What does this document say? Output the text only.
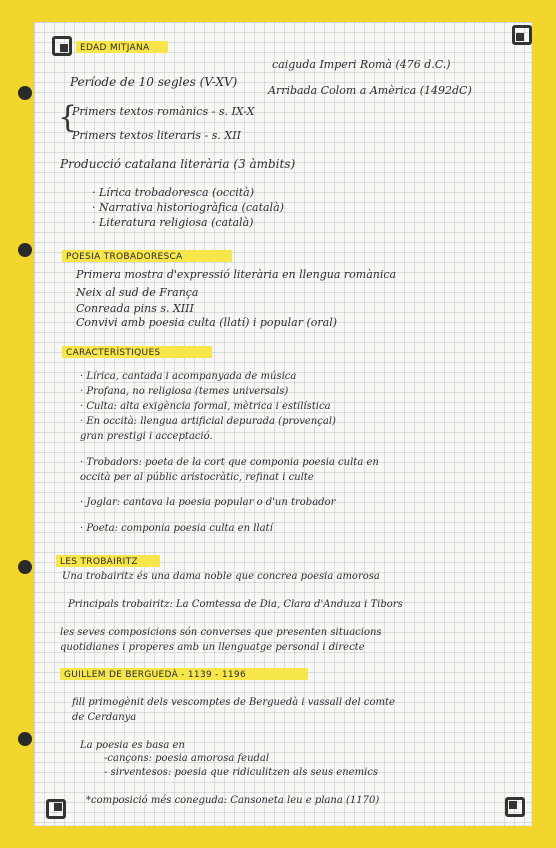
EDAD MITJANA
Període de 10 segles (V-XV)
caiguda Imperi Romà (476 d.C.)
Arribada Colom a Amèrica (1492dC)
{
Primers textos romànics - s. IX-X
Primers textos literaris - s. XII
Producció catalana literària (3 àmbits)
· Lírica trobadoresca (occità)
· Narrativa historiogràfica (català)
· Literatura religiosa (català)
POESIA TROBADORESCA
Primera mostra d'expressió literària en llengua romànica
Neix al sud de França
Conreada pins s. XIII
Convivi amb poesia culta (llatí) i popular (oral)
CARACTERÍSTIQUES
· Lírica, cantada i acompanyada de música
· Profana, no religiosa (temes universals)
· Culta: alta exigència formal, mètrica i estilística
· En occità: llengua artificial depurada (provençal)
gran prestigi i acceptació.
· Trobadors: poeta de la cort que componia poesia culta en
occità per al públic aristocràtic, refinat i culte
· Joglar: cantava la poesia popular o d'un trobador
· Poeta: componia poesia culta en llatí
LES TROBAIRITZ
Una trobairitz és una dama noble que concrea poesia amorosa
Principals trobairitz: La Comtessa de Dia, Clara d'Anduza i Tibors
les seves composicions són converses que presenten situacions
quotidianes i properes amb un llenguatge personal i directe
GUILLEM DE BERGUEDÀ - 1139 - 1196
fill primogènit dels vescomptes de Berguedà i vassall del comte
de Cerdanya
La poesia es basa en
-cançons: poesia amorosa feudal
- sirventesos: poesia que ridiculitzen als seus enemics
*composició més coneguda: Cansoneta leu e plana (1170)
